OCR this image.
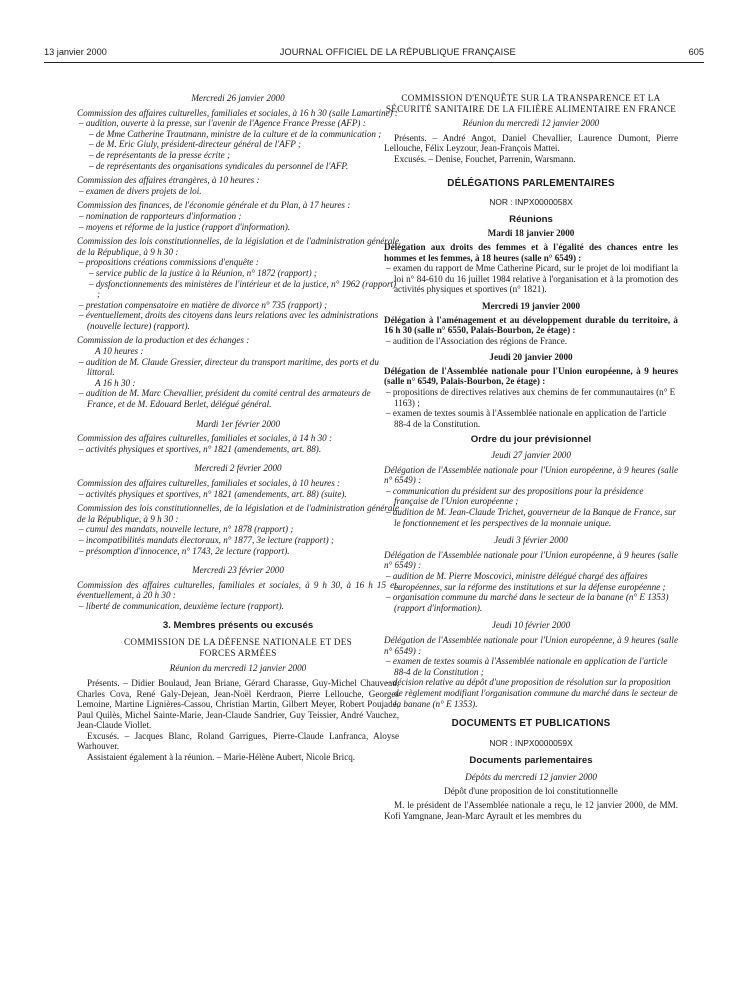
13 janvier 2000	JOURNAL OFFICIEL DE LA RÉPUBLIQUE FRANÇAISE	605

Mercredi 26 janvier 2000

Commission des affaires culturelles, familiales et sociales, à 16 h 30 (salle Lamartine) :

– audition, ouverte à la presse, sur l'avenir de l'Agence France Presse (AFP) :

– de Mme Catherine Trautmann, ministre de la culture et de la communication ;

– de M. Eric Giuly, président-directeur général de l'AFP ;

– de représentants de la presse écrite ;

– de représentants des organisations syndicales du personnel de l'AFP.

Commission des affaires étrangères, à 10 heures :

– examen de divers projets de loi.

Commission des finances, de l'économie générale et du Plan, à 17 heures :

– nomination de rapporteurs d'information ;

– moyens et réforme de la justice (rapport d'information).

Commission des lois constitutionnelles, de la législation et de l'administration générale de la République, à 9 h 30 :

– propositions créations commissions d'enquête :

– service public de la justice à la Réunion, n° 1872 (rapport) ;

– dysfonctionnements des ministères de l'intérieur et de la justice, n° 1962 (rapport) ;

– prestation compensatoire en matière de divorce n° 735 (rapport) ;

– éventuellement, droits des citoyens dans leurs relations avec les administrations (nouvelle lecture) (rapport).

Commission de la production et des échanges :

A 10 heures :

– audition de M. Claude Gressier, directeur du transport maritime, des ports et du littoral.

A 16 h 30 :

– audition de M. Marc Chevallier, président du comité central des armateurs de France, et de M. Edouard Berlet, délégué général.

Mardi 1er février 2000

Commission des affaires culturelles, familiales et sociales, à 14 h 30 :

– activités physiques et sportives, n° 1821 (amendements, art. 88).

Mercredi 2 février 2000

Commission des affaires culturelles, familiales et sociales, à 10 heures :

– activités physiques et sportives, n° 1821 (amendements, art. 88) (suite).

Commission des lois constitutionnelles, de la législation et de l'administration générale de la République, à 9 h 30 :

– cumul des mandats, nouvelle lecture, n° 1878 (rapport) ;

– incompatibilités mandats électoraux, n° 1877, 3e lecture (rapport) ;

– présomption d'innocence, n° 1743, 2e lecture (rapport).

Mercredi 23 février 2000

Commission des affaires culturelles, familiales et sociales, à 9 h 30, à 16 h 15 et, éventuellement, à 20 h 30 :

– liberté de communication, deuxième lecture (rapport).

3. Membres présents ou excusés

COMMISSION DE LA DÉFENSE NATIONALE ET DES FORCES ARMÉES

Réunion du mercredi 12 janvier 2000

Présents. – Didier Boulaud, Jean Briane, Gérard Charasse, Guy-Michel Chauveau, Charles Cova, René Galy-Dejean, Jean-Noël Kerdraon, Pierre Lellouche, Georges Lemoine, Martine Lignières-Cassou, Christian Martin, Gilbert Meyer, Robert Poujade, Paul Quilès, Michel Sainte-Marie, Jean-Claude Sandrier, Guy Teissier, André Vauchez, Jean-Claude Viollet.

Excusés. – Jacques Blanc, Roland Garrigues, Pierre-Claude Lanfranca, Aloyse Warhouver.

Assistaient également à la réunion. – Marie-Hélène Aubert, Nicole Bricq.

COMMISSION D'ENQUÊTE SUR LA TRANSPARENCE ET LA SÉCURITÉ SANITAIRE DE LA FILIÈRE ALIMENTAIRE EN FRANCE

Réunion du mercredi 12 janvier 2000

Présents. – André Angot, Daniel Chevallier, Laurence Dumont, Pierre Lellouche, Félix Leyzour, Jean-François Mattei.

Excusés. – Denise, Fouchet, Parrenin, Warsmann.

DÉLÉGATIONS PARLEMENTAIRES

NOR : INPX0000058X

Réunions

Mardi 18 janvier 2000

Délégation aux droits des femmes et à l'égalité des chances entre les hommes et les femmes, à 18 heures (salle n° 6549) :

– examen du rapport de Mme Catherine Picard, sur le projet de loi modifiant la loi n° 84-610 du 16 juillet 1984 relative à l'organisation et à la promotion des activités physiques et sportives (n° 1821).

Mercredi 19 janvier 2000

Délégation à l'aménagement et au développement durable du territoire, à 16 h 30 (salle n° 6550, Palais-Bourbon, 2e étage) :

– audition de l'Association des régions de France.

Jeudi 20 janvier 2000

Délégation de l'Assemblée nationale pour l'Union européenne, à 9 heures (salle n° 6549, Palais-Bourbon, 2e étage) :

– propositions de directives relatives aux chemins de fer communautaires (n° E 1163) ;

– examen de textes soumis à l'Assemblée nationale en application de l'article 88-4 de la Constitution.

Ordre du jour prévisionnel

Jeudi 27 janvier 2000

Délégation de l'Assemblée nationale pour l'Union européenne, à 9 heures (salle n° 6549) :

– communication du président sur des propositions pour la présidence française de l'Union européenne ;

– audition de M. Jean-Claude Trichet, gouverneur de la Banque de France, sur le fonctionnement et les perspectives de la monnaie unique.

Jeudi 3 février 2000

Délégation de l'Assemblée nationale pour l'Union européenne, à 9 heures (salle n° 6549) :

– audition de M. Pierre Moscovici, ministre délégué chargé des affaires européennes, sur la réforme des institutions et sur la défense européenne ;

– organisation commune du marché dans le secteur de la banane (n° E 1353) (rapport d'information).

Jeudi 10 février 2000

Délégation de l'Assemblée nationale pour l'Union européenne, à 9 heures (salle n° 6549) :

– examen de textes soumis à l'Assemblée nationale en application de l'article 88-4 de la Constitution ;

– décision relative au dépôt d'une proposition de résolution sur la proposition de règlement modifiant l'organisation commune du marché dans le secteur de la banane (n° E 1353).

DOCUMENTS ET PUBLICATIONS

NOR : INPX0000059X

Documents parlementaires

Dépôts du mercredi 12 janvier 2000

Dépôt d'une proposition de loi constitutionnelle

M. le président de l'Assemblée nationale a reçu, le 12 janvier 2000, de MM. Kofi Yamgnane, Jean-Marc Ayrault et les membres du
